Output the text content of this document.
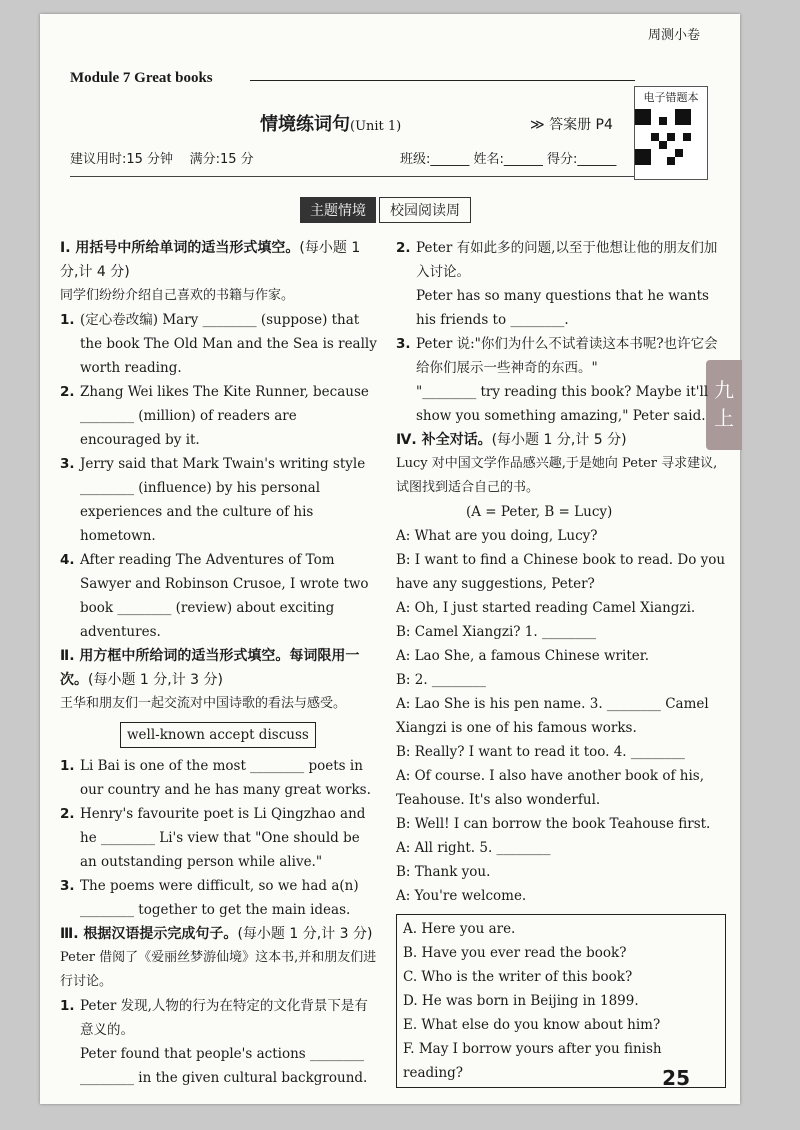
周测小卷
Module 7 Great books
情境练词句(Unit 1)	≫ 答案册 P4
建议用时:15 分钟 满分:15 分	班级:______ 姓名:______ 得分:______
电子错题本
九上
主题情境	校园阅读周
Ⅰ. 用括号中所给单词的适当形式填空。(每小题 1 分,计 4 分)
同学们纷纷介绍自己喜欢的书籍与作家。
1. (定心卷改编) Mary ________ (suppose) that the book The Old Man and the Sea is really worth reading.
2. Zhang Wei likes The Kite Runner, because ________ (million) of readers are encouraged by it.
3. Jerry said that Mark Twain's writing style ________ (influence) by his personal experiences and the culture of his hometown.
4. After reading The Adventures of Tom Sawyer and Robinson Crusoe, I wrote two book ________ (review) about exciting adventures.
Ⅱ. 用方框中所给词的适当形式填空。每词限用一次。(每小题 1 分,计 3 分)
王华和朋友们一起交流对中国诗歌的看法与感受。
well-known accept discuss
1. Li Bai is one of the most ________ poets in our country and he has many great works.
2. Henry's favourite poet is Li Qingzhao and he ________ Li's view that "One should be an outstanding person while alive."
3. The poems were difficult, so we had a(n) ________ together to get the main ideas.
Ⅲ. 根据汉语提示完成句子。(每小题 1 分,计 3 分)
Peter 借阅了《爱丽丝梦游仙境》这本书,并和朋友们进行讨论。
1. Peter 发现,人物的行为在特定的文化背景下是有意义的。
Peter found that people's actions ________ ________ in the given cultural background.
2. Peter 有如此多的问题,以至于他想让他的朋友们加入讨论。
Peter has so many questions that he wants his friends to ________.
3. Peter 说:"你们为什么不试着读这本书呢?也许它会给你们展示一些神奇的东西。"
"________ try reading this book? Maybe it'll show you something amazing," Peter said.
Ⅳ. 补全对话。(每小题 1 分,计 5 分)
Lucy 对中国文学作品感兴趣,于是她向 Peter 寻求建议,试图找到适合自己的书。
(A = Peter, B = Lucy)
A: What are you doing, Lucy?
B: I want to find a Chinese book to read. Do you have any suggestions, Peter?
A: Oh, I just started reading Camel Xiangzi.
B: Camel Xiangzi? 1. ________
A: Lao She, a famous Chinese writer.
B: 2. ________
A: Lao She is his pen name. 3. ________ Camel Xiangzi is one of his famous works.
B: Really? I want to read it too. 4. ________
A: Of course. I also have another book of his, Teahouse. It's also wonderful.
B: Well! I can borrow the book Teahouse first.
A: All right. 5. ________
B: Thank you.
A: You're welcome.
A. Here you are.
B. Have you ever read the book?
C. Who is the writer of this book?
D. He was born in Beijing in 1899.
E. What else do you know about him?
F. May I borrow yours after you finish reading?	25
